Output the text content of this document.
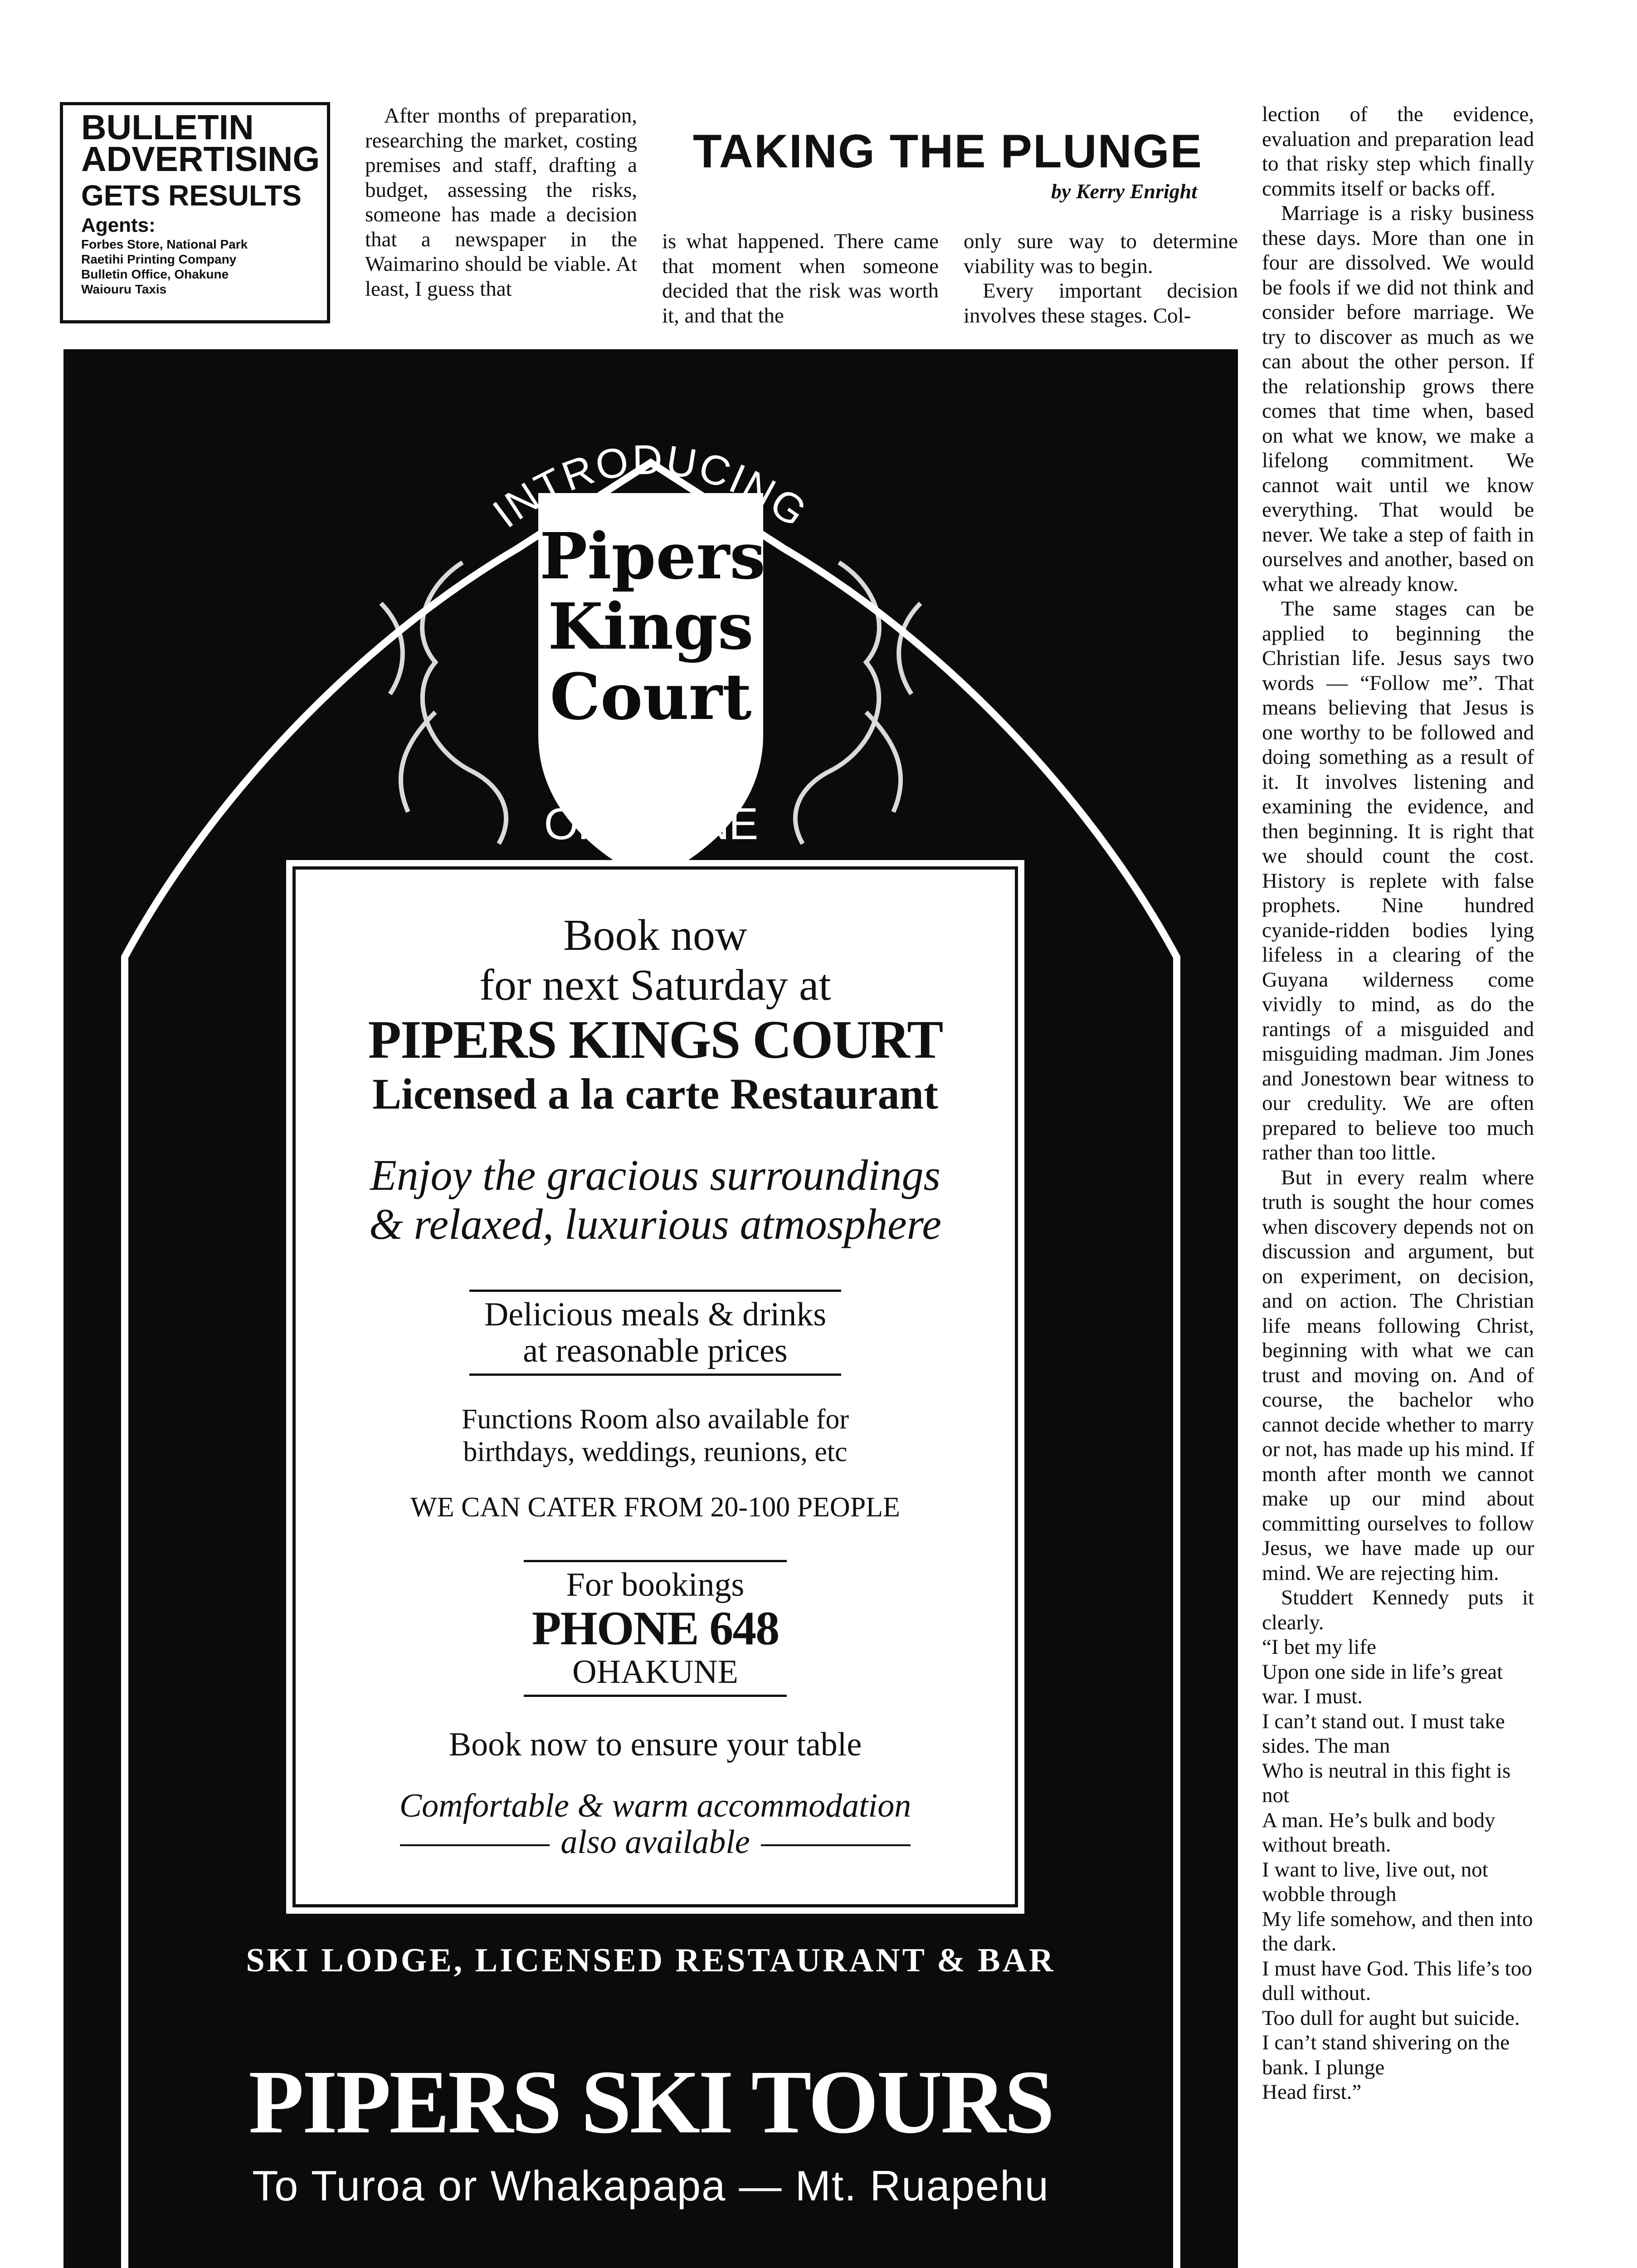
BULLETIN
ADVERTISING
GETS RESULTS
Agents:
Forbes Store, National Park
Raetihi Printing Company
Bulletin Office, Ohakune
Waiouru Taxis

After months of preparation, researching the market, costing premises and staff, drafting a budget, assessing the risks, someone has made a decision that a newspaper in the Waimarino should be viable. At least, I guess that

TAKING THE PLUNGE
by Kerry Enright

is what happened. There came that moment when someone decided that the risk was worth it, and that the

only sure way to determine viability was to begin.

Every important decision involves these stages. Col-

lection of the evidence, evaluation and preparation lead to that risky step which finally commits itself or backs off.

Marriage is a risky business these days. More than one in four are dissolved. We would be fools if we did not think and consider before marriage. We try to discover as much as we can about the other person. If the relationship grows there comes that time when, based on what we know, we make a lifelong commitment. We cannot wait until we know everything. That would be never. We take a step of faith in ourselves and another, based on what we already know.

The same stages can be applied to beginning the Christian life. Jesus says two words — “Follow me”. That means believing that Jesus is one worthy to be followed and doing something as a result of it. It involves listening and examining the evidence, and then beginning. It is right that we should count the cost. History is replete with false prophets. Nine hundred cyanide-ridden bodies lying lifeless in a clearing of the Guyana wilderness come vividly to mind, as do the rantings of a misguided and misguiding madman. Jim Jones and Jonestown bear witness to our credulity. We are often prepared to believe too much rather than too little.

But in every realm where truth is sought the hour comes when discovery depends not on discussion and argument, but on experiment, on decision, and on action. The Christian life means following Christ, beginning with what we can trust and moving on. And of course, the bachelor who cannot decide whether to marry or not, has made up his mind. If month after month we cannot make up our mind about committing ourselves to follow Jesus, we have made up our mind. We are rejecting him.

Studdert Kennedy puts it clearly.

“I bet my life
Upon one side in life’s great war. I must.
I can’t stand out. I must take sides. The man
Who is neutral in this fight is not
A man. He’s bulk and body without breath.
I want to live, live out, not wobble through
My life somehow, and then into the dark.
I must have God. This life’s too dull without.
Too dull for aught but suicide.
I can’t stand shivering on the bank. I plunge
Head first.”
INTRODUCING
Pipers
Kings
Court
OHAKUNE
Book now
for next Saturday at
PIPERS KINGS COURT
Licensed a la carte Restaurant
Enjoy the gracious surroundings
& relaxed, luxurious atmosphere
Delicious meals & drinks
at reasonable prices
Functions Room also available for
birthdays, weddings, reunions, etc
WE CAN CATER FROM 20-100 PEOPLE
For bookings
PHONE 648
OHAKUNE
Book now to ensure your table
Comfortable & warm accommodation
also available
SKI LODGE, LICENSED RESTAURANT & BAR
PIPERS SKI TOURS
To Turoa or Whakapapa — Mt. Ruapehu
